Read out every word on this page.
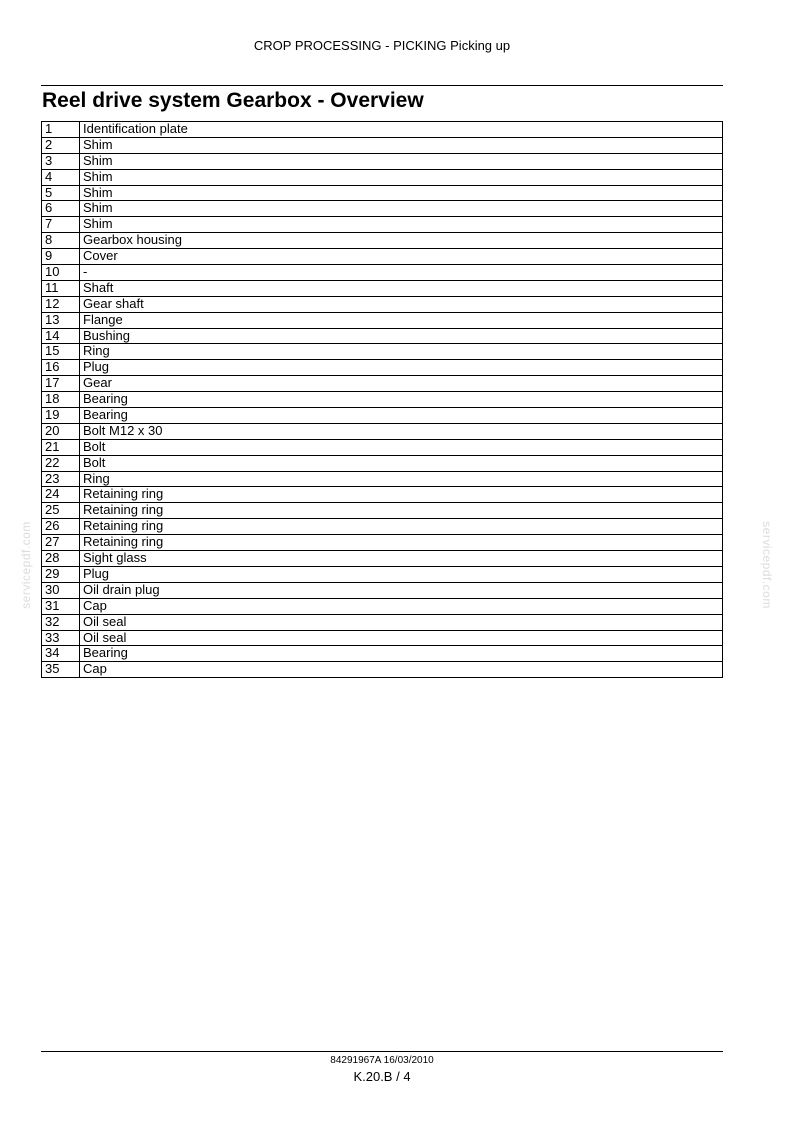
CROP PROCESSING - PICKING Picking up
Reel drive system Gearbox - Overview
1	Identification plate
2	Shim
3	Shim
4	Shim
5	Shim
6	Shim
7	Shim
8	Gearbox housing
9	Cover
10	-
11	Shaft
12	Gear shaft
13	Flange
14	Bushing
15	Ring
16	Plug
17	Gear
18	Bearing
19	Bearing
20	Bolt M12 x 30
21	Bolt
22	Bolt
23	Ring
24	Retaining ring
25	Retaining ring
26	Retaining ring
27	Retaining ring
28	Sight glass
29	Plug
30	Oil drain plug
31	Cap
32	Oil seal
33	Oil seal
34	Bearing
35	Cap
servicepdf.com	servicepdf.com
84291967A 16/03/2010
K.20.B / 4
